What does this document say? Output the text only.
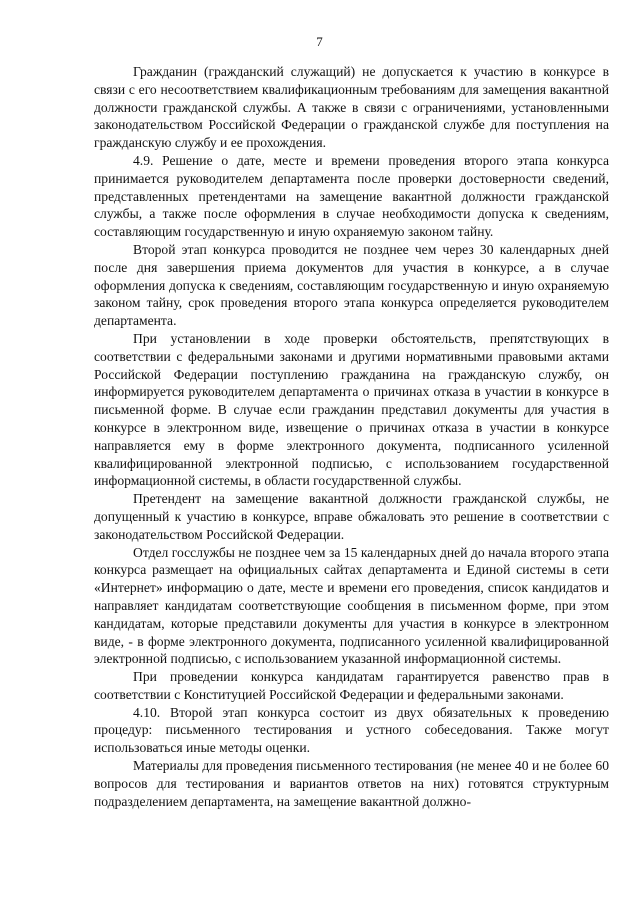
7

Гражданин (гражданский служащий) не допускается к участию в конкурсе в связи с его несоответствием квалификационным требованиям для замещения вакантной должности гражданской службы. А также в связи с ограничениями, установленными законодательством Российской Федерации о гражданской службе для поступления на гражданскую службу и ее прохождения.

4.9. Решение о дате, месте и времени проведения второго этапа конкурса принимается руководителем департамента после проверки достоверности сведений, представленных претендентами на замещение вакантной должности гражданской службы, а также после оформления в случае необходимости допуска к сведениям, составляющим государственную и иную охраняемую законом тайну.

Второй этап конкурса проводится не позднее чем через 30 календарных дней после дня завершения приема документов для участия в конкурсе, а в случае оформления допуска к сведениям, составляющим государственную и иную охраняемую законом тайну, срок проведения второго этапа конкурса определяется руководителем департамента.

При установлении в ходе проверки обстоятельств, препятствующих в соответствии с федеральными законами и другими нормативными правовыми актами Российской Федерации поступлению гражданина на гражданскую службу, он информируется руководителем департамента о причинах отказа в участии в конкурсе в письменной форме. В случае если гражданин представил документы для участия в конкурсе в электронном виде, извещение о причинах отказа в участии в конкурсе направляется ему в форме электронного документа, подписанного усиленной квалифицированной электронной подписью, с использованием государственной информационной системы, в области государственной службы.

Претендент на замещение вакантной должности гражданской службы, не допущенный к участию в конкурсе, вправе обжаловать это решение в соответствии с законодательством Российской Федерации.

Отдел госслужбы не позднее чем за 15 календарных дней до начала второго этапа конкурса размещает на официальных сайтах департамента и Единой системы в сети «Интернет» информацию о дате, месте и времени его проведения, список кандидатов и направляет кандидатам соответствующие сообщения в письменном форме, при этом кандидатам, которые представили документы для участия в конкурсе в электронном виде, - в форме электронного документа, подписанного усиленной квалифицированной электронной подписью, с использованием указанной информационной системы.

При проведении конкурса кандидатам гарантируется равенство прав в соответствии с Конституцией Российской Федерации и федеральными законами.

4.10. Второй этап конкурса состоит из двух обязательных к проведению процедур: письменного тестирования и устного собеседования. Также могут использоваться иные методы оценки.

Материалы для проведения письменного тестирования (не менее 40 и не более 60 вопросов для тестирования и вариантов ответов на них) готовятся структурным подразделением департамента, на замещение вакантной должно-
